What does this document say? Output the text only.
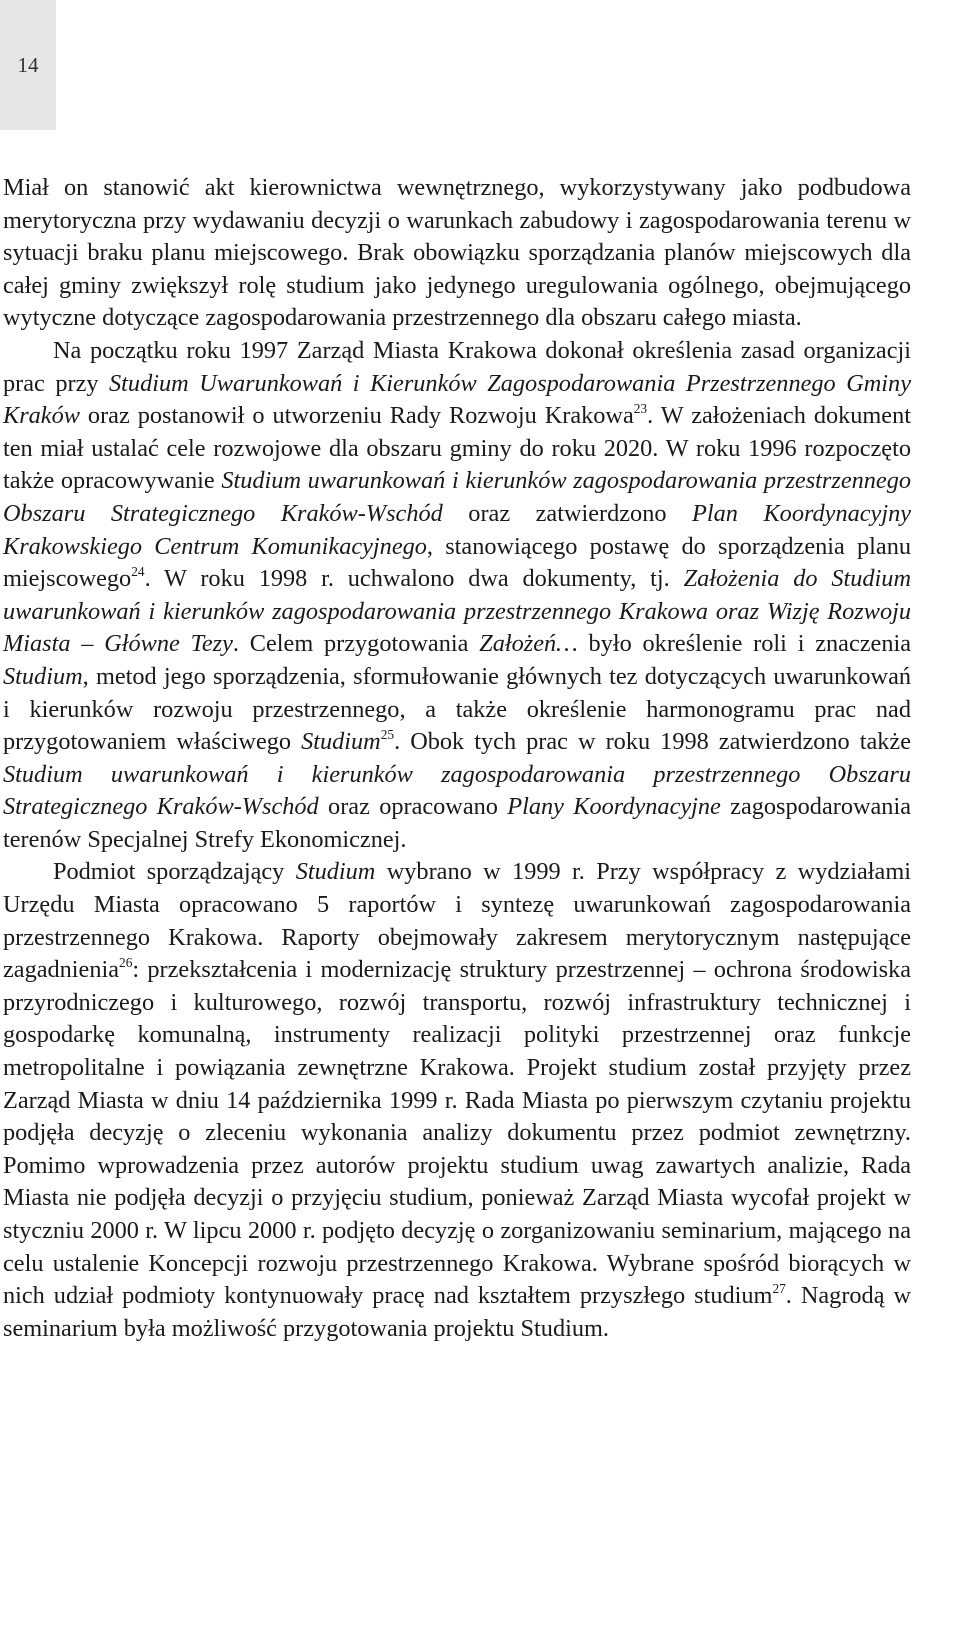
14

Miał on stanowić akt kierownictwa wewnętrznego, wykorzystywany jako podbudowa merytoryczna przy wydawaniu decyzji o warunkach zabudowy i zagospodarowania terenu w sytuacji braku planu miejscowego. Brak obowiązku sporządzania planów miejscowych dla całej gminy zwiększył rolę studium jako jedynego uregulowania ogólnego, obejmującego wytyczne dotyczące zagospodarowania przestrzennego dla obszaru całego miasta.

Na początku roku 1997 Zarząd Miasta Krakowa dokonał określenia zasad organizacji prac przy Studium Uwarunkowań i Kierunków Zagospodarowania Przestrzennego Gminy Kraków oraz postanowił o utworzeniu Rady Rozwoju Krakowa$^{23}$. W założeniach dokument ten miał ustalać cele rozwojowe dla obszaru gminy do roku 2020. W roku 1996 rozpoczęto także opracowywanie Studium uwarunkowań i kierunków zagospodarowania przestrzennego Obszaru Strategicznego Kraków-Wschód oraz zatwierdzono Plan Koordynacyjny Krakowskiego Centrum Komunikacyjnego, stanowiącego postawę do sporządzenia planu miejscowego$^{24}$. W roku 1998 r. uchwalono dwa dokumenty, tj. Założenia do Studium uwarunkowań i kierunków zagospodarowania przestrzennego Krakowa oraz Wizję Rozwoju Miasta – Główne Tezy. Celem przygotowania Założeń… było określenie roli i znaczenia Studium, metod jego sporządzenia, sformułowanie głównych tez dotyczących uwarunkowań i kierunków rozwoju przestrzennego, a także określenie harmonogramu prac nad przygotowaniem właściwego Studium$^{25}$. Obok tych prac w roku 1998 zatwierdzono także Studium uwarunkowań i kierunków zagospodarowania przestrzennego Obszaru Strategicznego Kraków-Wschód oraz opracowano Plany Koordynacyjne zagospodarowania terenów Specjalnej Strefy Ekonomicznej.

Podmiot sporządzający Studium wybrano w 1999 r. Przy współpracy z wydziałami Urzędu Miasta opracowano 5 raportów i syntezę uwarunkowań zagospodarowania przestrzennego Krakowa. Raporty obejmowały zakresem merytorycznym następujące zagadnienia$^{26}$: przekształcenia i modernizację struktury przestrzennej – ochrona środowiska przyrodniczego i kulturowego, rozwój transportu, rozwój infrastruktury technicznej i gospodarkę komunalną, instrumenty realizacji polityki przestrzennej oraz funkcje metropolitalne i powiązania zewnętrzne Krakowa. Projekt studium został przyjęty przez Zarząd Miasta w dniu 14 października 1999 r. Rada Miasta po pierwszym czytaniu projektu podjęła decyzję o zleceniu wykonania analizy dokumentu przez podmiot zewnętrzny. Pomimo wprowadzenia przez autorów projektu studium uwag zawartych analizie, Rada Miasta nie podjęła decyzji o przyjęciu studium, ponieważ Zarząd Miasta wycofał projekt w styczniu 2000 r. W lipcu 2000 r. podjęto decyzję o zorganizowaniu seminarium, mającego na celu ustalenie Koncepcji rozwoju przestrzennego Krakowa. Wybrane spośród biorących w nich udział podmioty kontynuowały pracę nad kształtem przyszłego studium$^{27}$. Nagrodą w seminarium była możliwość przygotowania projektu Studium.
